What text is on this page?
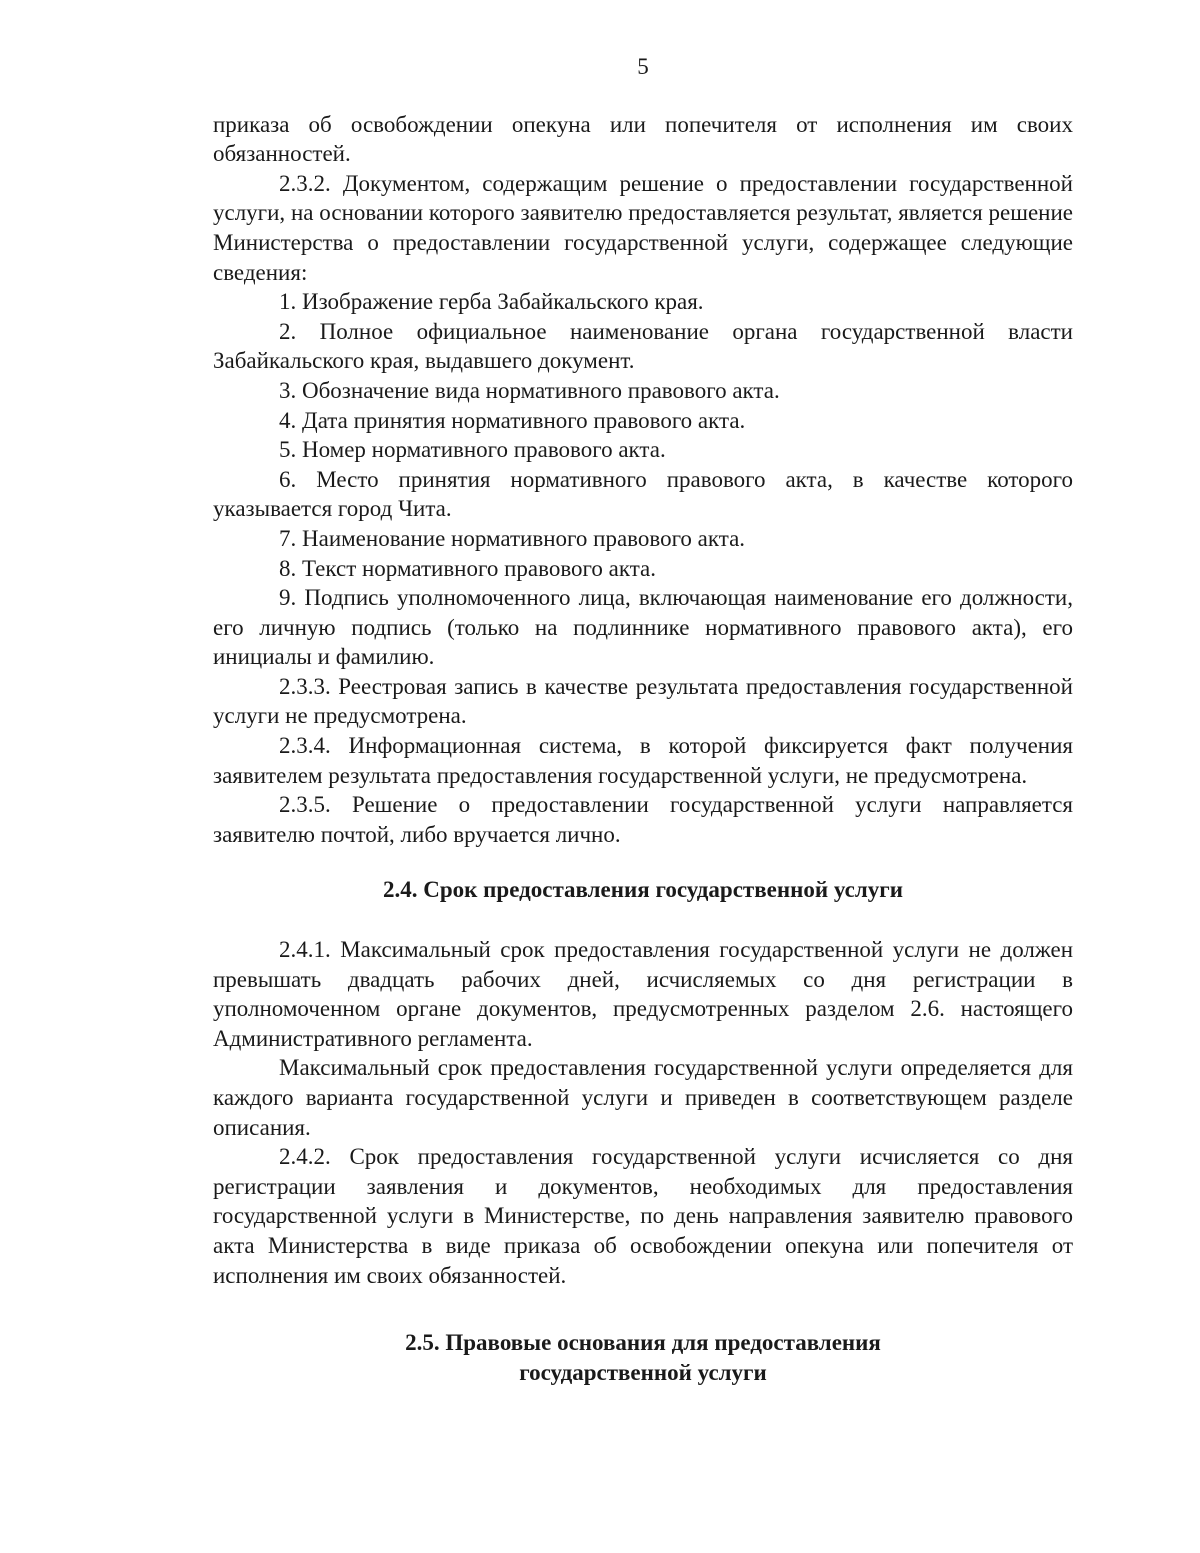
5

приказа об освобождении опекуна или попечителя от исполнения им своих обязанностей.

2.3.2. Документом, содержащим решение о предоставлении государственной услуги, на основании которого заявителю предоставляется результат, является решение Министерства о предоставлении государственной услуги, содержащее следующие сведения:

1. Изображение герба Забайкальского края.

2. Полное официальное наименование органа государственной власти Забайкальского края, выдавшего документ.

3. Обозначение вида нормативного правового акта.

4. Дата принятия нормативного правового акта.

5. Номер нормативного правового акта.

6. Место принятия нормативного правового акта, в качестве которого указывается город Чита.

7. Наименование нормативного правового акта.

8. Текст нормативного правового акта.

9. Подпись уполномоченного лица, включающая наименование его должности, его личную подпись (только на подлиннике нормативного правового акта), его инициалы и фамилию.

2.3.3. Реестровая запись в качестве результата предоставления государственной услуги не предусмотрена.

2.3.4. Информационная система, в которой фиксируется факт получения заявителем результата предоставления государственной услуги, не предусмотрена.

2.3.5. Решение о предоставлении государственной услуги направляется заявителю почтой, либо вручается лично.

2.4. Срок предоставления государственной услуги

2.4.1. Максимальный срок предоставления государственной услуги не должен превышать двадцать рабочих дней, исчисляемых со дня регистрации в уполномоченном органе документов, предусмотренных разделом 2.6. настоящего Административного регламента.

Максимальный срок предоставления государственной услуги определяется для каждого варианта государственной услуги и приведен в соответствующем разделе описания.

2.4.2. Срок предоставления государственной услуги исчисляется со дня регистрации заявления и документов, необходимых для предоставления государственной услуги в Министерстве, по день направления заявителю правового акта Министерства в виде приказа об освобождении опекуна или попечителя от исполнения им своих обязанностей.

2.5. Правовые основания для предоставления
государственной услуги
